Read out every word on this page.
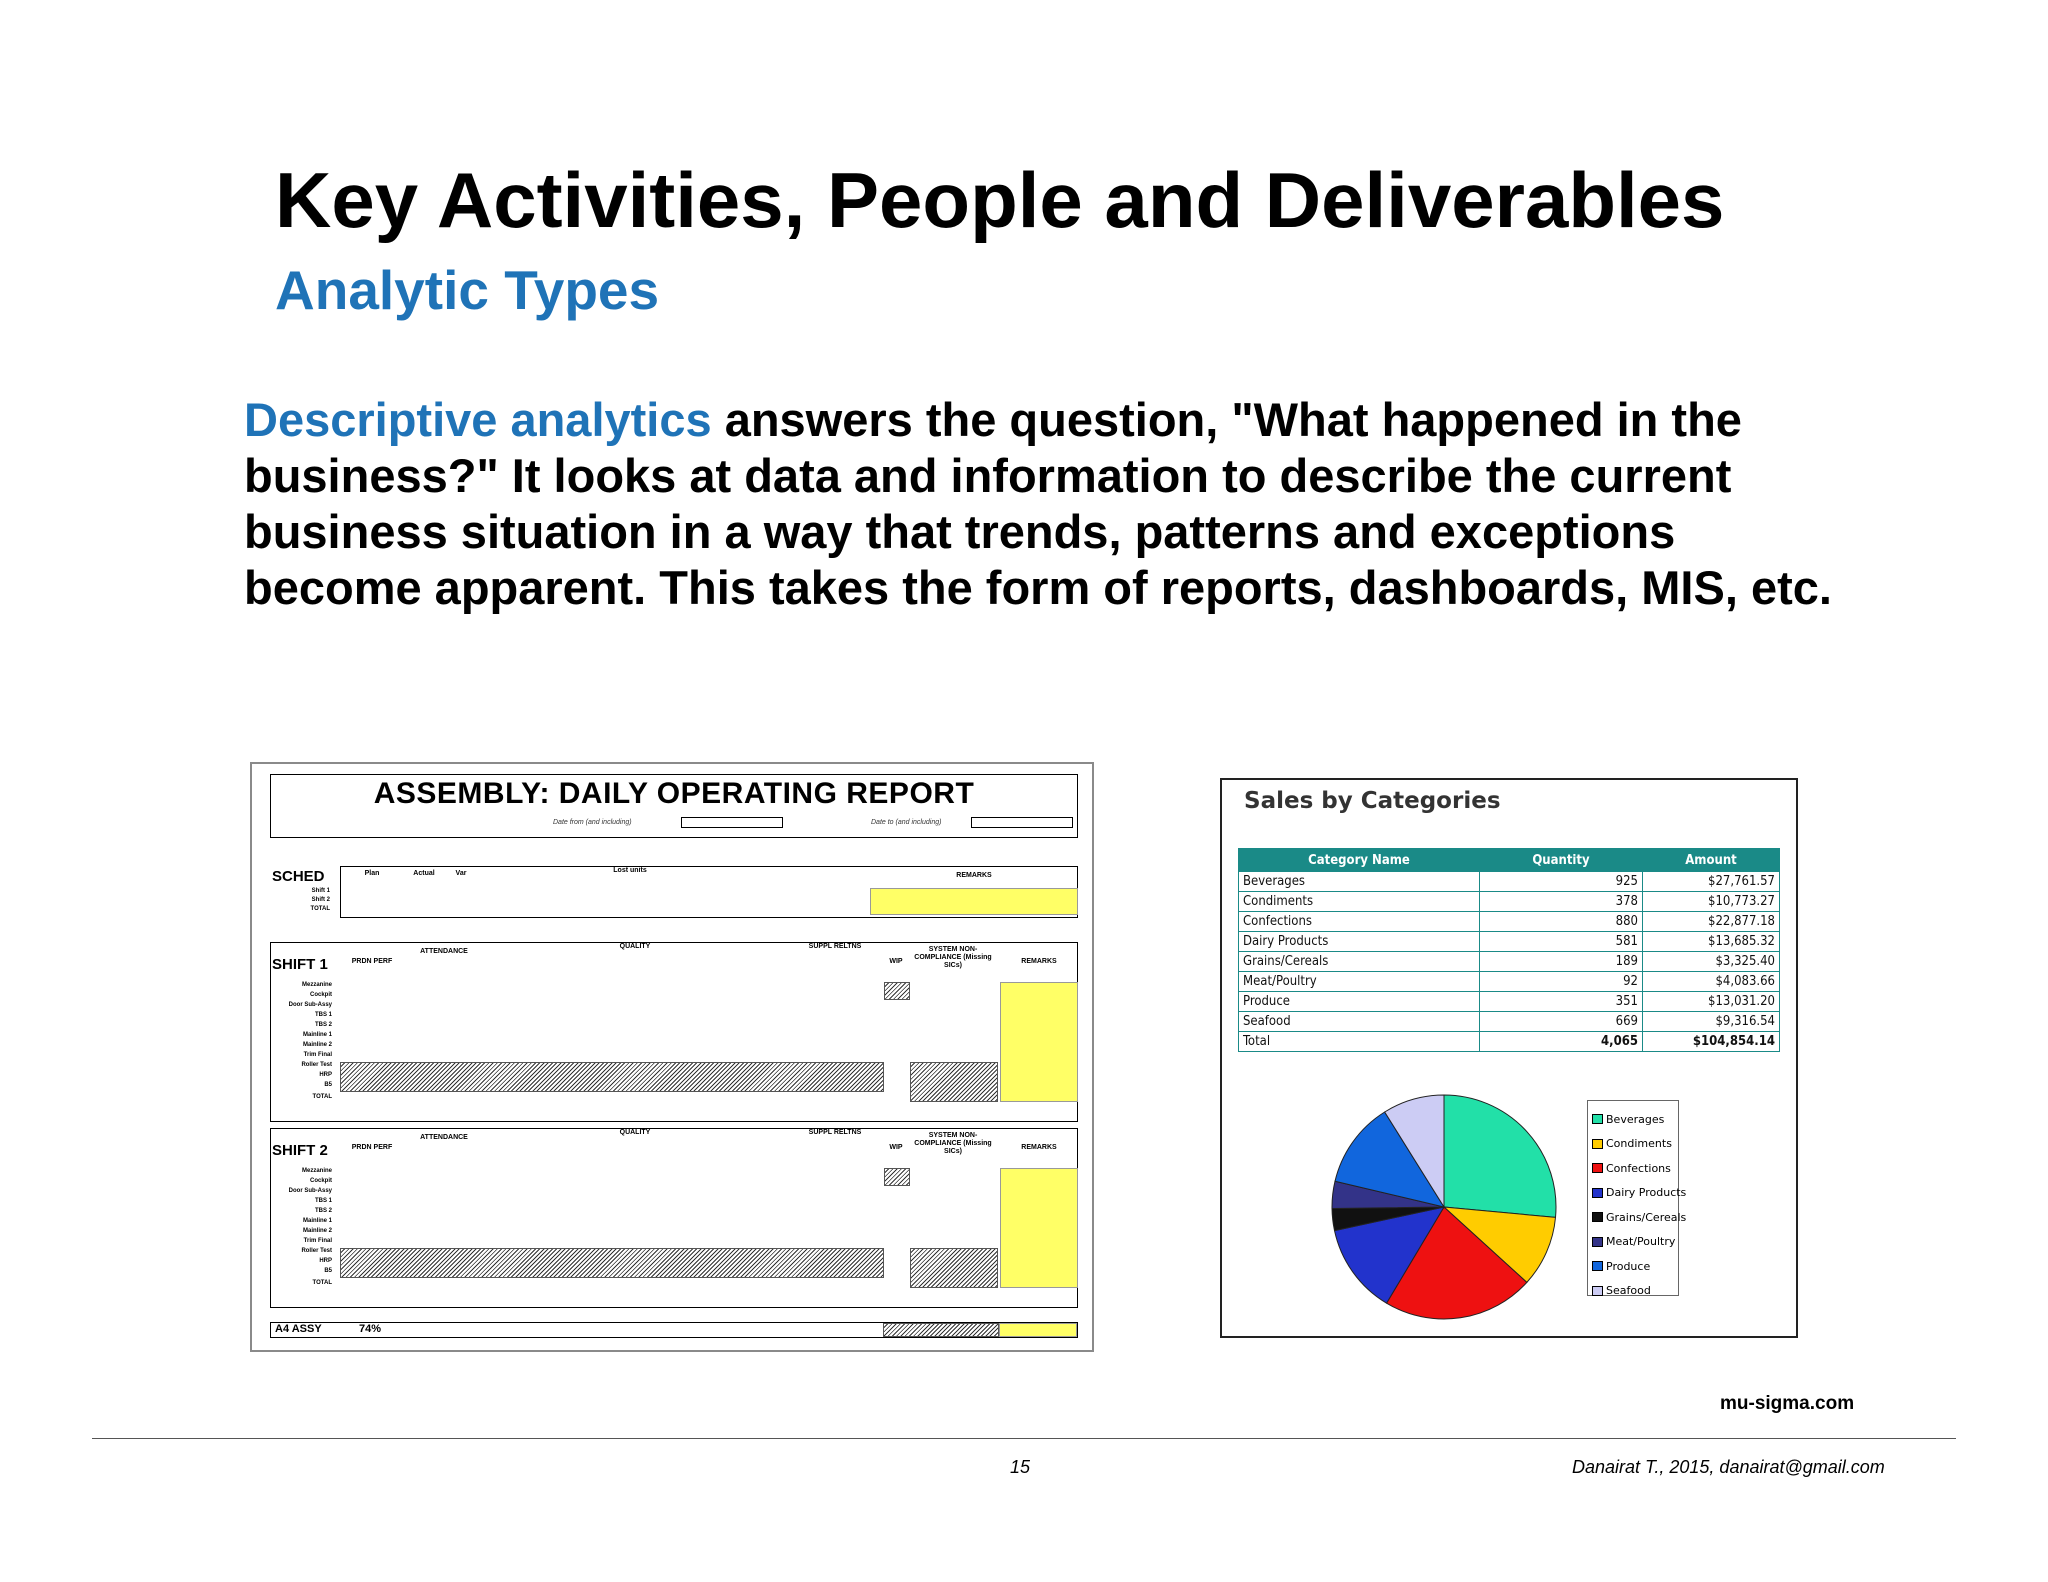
Key Activities, People and Deliverables
Analytic Types
Descriptive analytics answers the question, "What happened in the business?" It looks at data and information to describe the current business situation in a way that trends, patterns and exceptions become apparent. This takes the form of reports, dashboards, MIS, etc.
ASSEMBLY: DAILY OPERATING REPORT
Date from (and including)	Date to (and including)
SCHED	Plan	Actual	Var	Lost units
REMARKS
Shift 1
Shift 2
TOTAL
SHIFT 1	PRDN PERF
ATTENDANCE
QUALITY	SUPPL RELTNS
WIP
SYSTEM NON-COMPLIANCE (Missing SICs)
REMARKS
Mezzanine
Cockpit
Door Sub-Assy
TBS 1
TBS 2
Mainline 1
Mainline 2
Trim Final
Roller Test
HRP
B5
TOTAL
SHIFT 2	PRDN PERF
ATTENDANCE
QUALITY	SUPPL RELTNS
WIP
SYSTEM NON-COMPLIANCE (Missing SICs)
REMARKS
Mezzanine
Cockpit
Door Sub-Assy
TBS 1
TBS 2
Mainline 1
Mainline 2
Trim Final
Roller Test
HRP
B5
TOTAL
A4 ASSY	74%
Sales by Categories
Category Name	Quantity	Amount
Beverages	925	$27,761.57
Condiments	378	$10,773.27
Confections	880	$22,877.18
Dairy Products	581	$13,685.32
Grains/Cereals	189	$3,325.40
Meat/Poultry	92	$4,083.66
Produce	351	$13,031.20
Seafood	669	$9,316.54
Total	4,065	$104,854.14
Beverages
Condiments
Confections
Dairy Products
Grains/Cereals
Meat/Poultry
Produce
Seafood
mu-sigma.com
15	Danairat T., 2015, danairat@gmail.com
